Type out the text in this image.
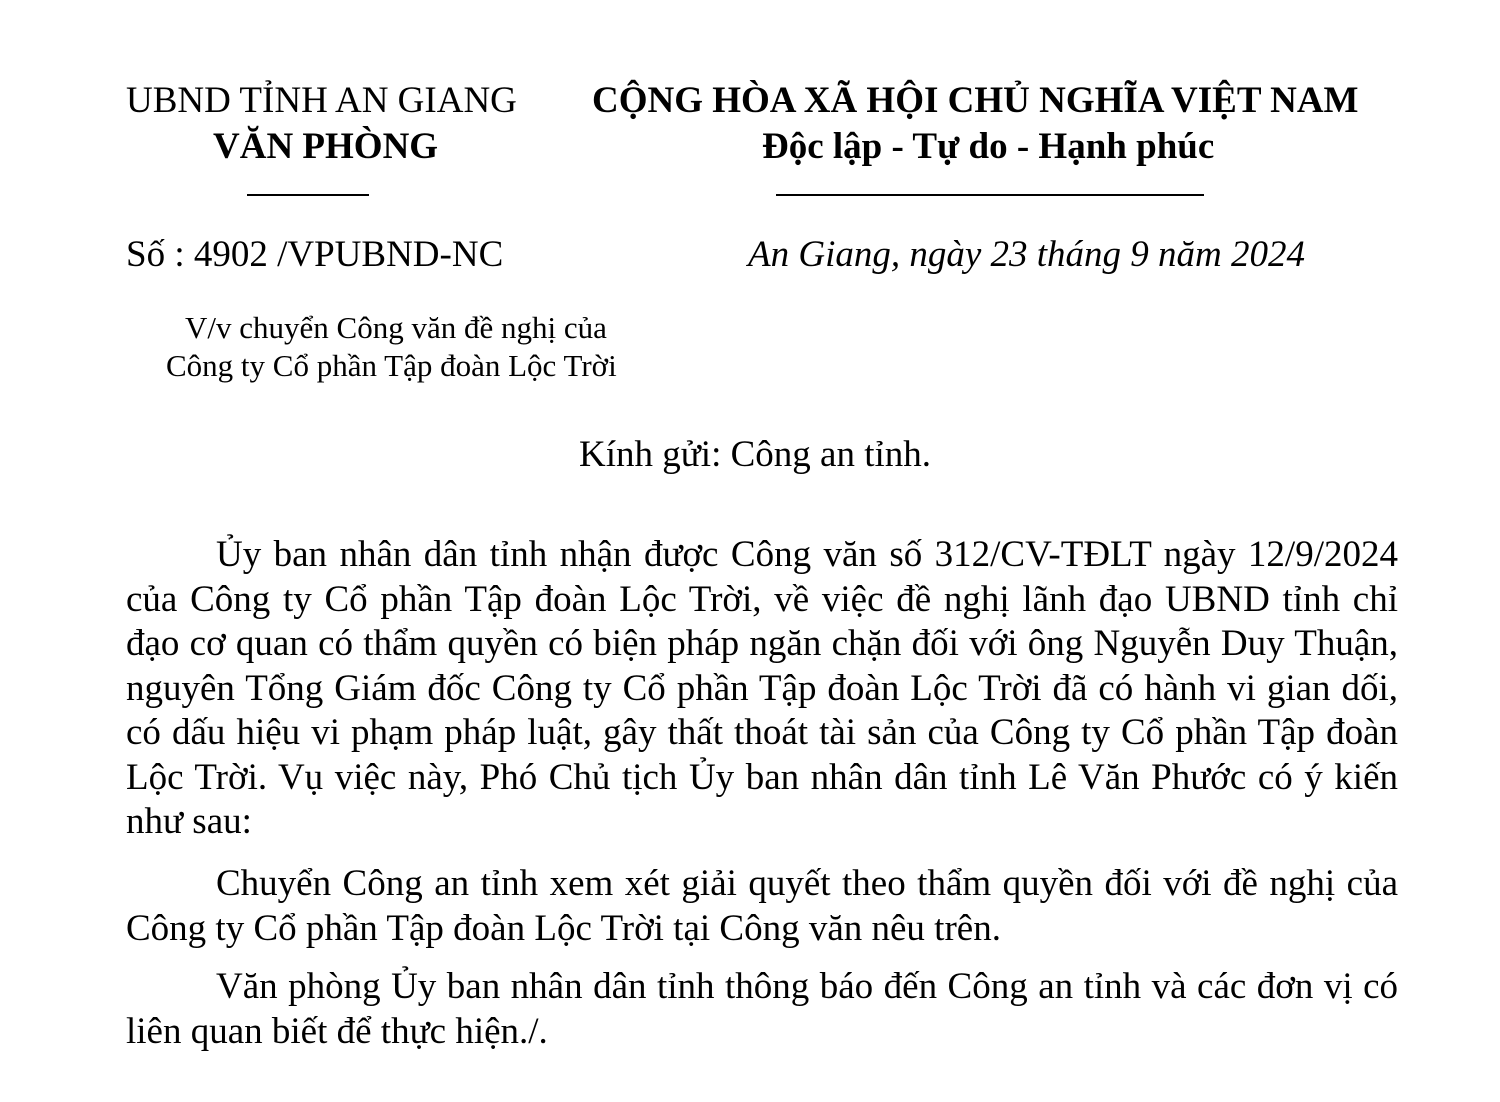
UBND TỈNH AN GIANG
VĂN PHÒNG
CỘNG HÒA XÃ HỘI CHỦ NGHĨA VIỆT NAM
Độc lập - Tự do - Hạnh phúc
Số : 4902 /VPUBND-NC	An Giang, ngày 23 tháng 9 năm 2024
V/v chuyển Công văn đề nghị của
Công ty Cổ phần Tập đoàn Lộc Trời
Kính gửi: Công an tỉnh.

Ủy ban nhân dân tỉnh nhận được Công văn số 312/CV-TĐLT ngày 12/9/2024 của Công ty Cổ phần Tập đoàn Lộc Trời, về việc đề nghị lãnh đạo UBND tỉnh chỉ đạo cơ quan có thẩm quyền có biện pháp ngăn chặn đối với ông Nguyễn Duy Thuận, nguyên Tổng Giám đốc Công ty Cổ phần Tập đoàn Lộc Trời đã có hành vi gian dối, có dấu hiệu vi phạm pháp luật, gây thất thoát tài sản của Công ty Cổ phần Tập đoàn Lộc Trời. Vụ việc này, Phó Chủ tịch Ủy ban nhân dân tỉnh Lê Văn Phước có ý kiến như sau:

Chuyển Công an tỉnh xem xét giải quyết theo thẩm quyền đối với đề nghị của Công ty Cổ phần Tập đoàn Lộc Trời tại Công văn nêu trên.

Văn phòng Ủy ban nhân dân tỉnh thông báo đến Công an tỉnh và các đơn vị có liên quan biết để thực hiện./.
